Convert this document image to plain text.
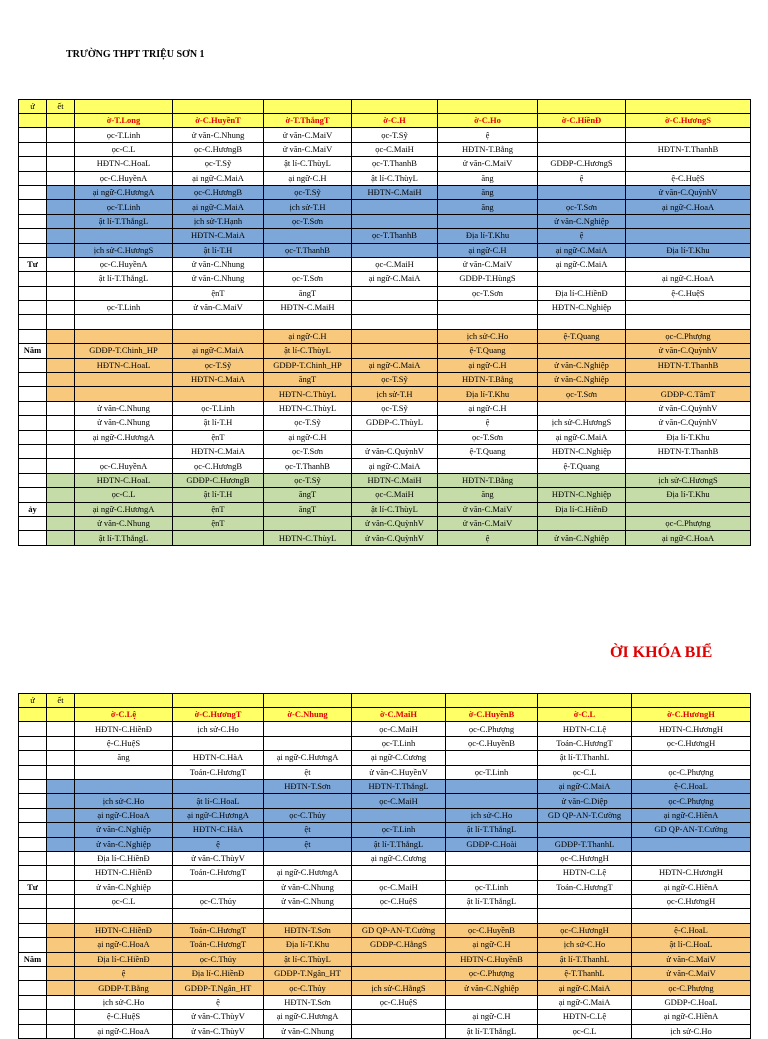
TRƯỜNG THPT TRIỆU SƠN 1
ứ	ết							
		ờ-T.Long	ờ-C.HuyềnT	ờ-T.ThắngT	ờ-C.H	ờ-C.Ho	ờ-C.HiềnĐ	ờ-C.HươngS
		ọc-T.Linh	ử văn-C.Nhung	ử văn-C.MaiV	ọc-T.Sỹ	ệ		
		ọc-C.L	ọc-C.HươngB	ử văn-C.MaiV	ọc-C.MaiH	HĐTN-T.Bằng		HĐTN-T.ThanhB
		HĐTN-C.HoaL	ọc-T.Sỹ	ật lí-C.ThùyL	ọc-T.ThanhB	ử văn-C.MaiV	GDĐP-C.HươngS	
		ọc-C.HuyềnA	ại ngữ-C.MaiA	ại ngữ-C.H	ật lí-C.ThùyL	ăng	ệ	ệ-C.HuệS
		ại ngữ-C.HươngA	ọc-C.HươngB	ọc-T.Sỹ	HĐTN-C.MaiH	ăng		ử văn-C.QuỳnhV
		ọc-T.Linh	ại ngữ-C.MaiA	ịch sử-T.H		ăng	ọc-T.Sơn	ại ngữ-C.HoaA
		ật lí-T.ThắngL	ịch sử-T.Hạnh	ọc-T.Sơn			ử văn-C.Nghiệp	
			HĐTN-C.MaiA		ọc-T.ThanhB	Địa lí-T.Khu	ệ	
		ịch sử-C.HươngS	ật lí-T.H	ọc-T.ThanhB		ại ngữ-C.H	ại ngữ-C.MaiA	Địa lí-T.Khu
Tư		ọc-C.HuyềnA	ử văn-C.Nhung		ọc-C.MaiH	ử văn-C.MaiV	ại ngữ-C.MaiA	
		ật lí-T.ThắngL	ử văn-C.Nhung	ọc-T.Sơn	ại ngữ-C.MaiA	GDĐP-T.HùngS		ại ngữ-C.HoaA
			ệnT	ăngT		ọc-T.Sơn	Địa lí-C.HiềnĐ	ệ-C.HuệS
		ọc-T.Linh	ử văn-C.MaiV	HĐTN-C.MaiH			HĐTN-C.Nghiệp	

				ại ngữ-C.H		ịch sử-C.Ho	ệ-T.Quang	ọc-C.Phượng
Năm		GDĐP-T.Chinh_HP	ại ngữ-C.MaiA	ật lí-C.ThùyL		ệ-T.Quang		ử văn-C.QuỳnhV
		HĐTN-C.HoaL	ọc-T.Sỹ	GDĐP-T.Chinh_HP	ại ngữ-C.MaiA	ại ngữ-C.H	ử văn-C.Nghiệp	HĐTN-T.ThanhB
			HĐTN-C.MaiA	ăngT	ọc-T.Sỹ	HĐTN-T.Bằng	ử văn-C.Nghiệp	
				HĐTN-C.ThùyL	ịch sử-T.H	Địa lí-T.Khu	ọc-T.Sơn	GDĐP-C.TâmT
		ử văn-C.Nhung	ọc-T.Linh	HĐTN-C.ThùyL	ọc-T.Sỹ	ại ngữ-C.H		ử văn-C.QuỳnhV
		ử văn-C.Nhung	ật lí-T.H	ọc-T.Sỹ	GDĐP-C.ThùyL	ệ	ịch sử-C.HươngS	ử văn-C.QuỳnhV
		ại ngữ-C.HươngA	ệnT	ại ngữ-C.H		ọc-T.Sơn	ại ngữ-C.MaiA	Địa lí-T.Khu
			HĐTN-C.MaiA	ọc-T.Sơn	ử văn-C.QuỳnhV	ệ-T.Quang	HĐTN-C.Nghiệp	HĐTN-T.ThanhB
		ọc-C.HuyềnA	ọc-C.HươngB	ọc-T.ThanhB	ại ngữ-C.MaiA		ệ-T.Quang	
		HĐTN-C.HoaL	GDĐP-C.HươngB	ọc-T.Sỹ	HĐTN-C.MaiH	HĐTN-T.Bằng		ịch sử-C.HươngS
		ọc-C.L	ật lí-T.H	ăngT	ọc-C.MaiH	ăng	HĐTN-C.Nghiệp	Địa lí-T.Khu
ảy		ại ngữ-C.HươngA	ệnT	ăngT	ật lí-C.ThùyL	ử văn-C.MaiV	Địa lí-C.HiềnĐ	
		ử văn-C.Nhung	ệnT		ử văn-C.QuỳnhV	ử văn-C.MaiV		ọc-C.Phượng
		ật lí-T.ThắngL		HĐTN-C.ThùyL	ử văn-C.QuỳnhV	ệ	ử văn-C.Nghiệp	ại ngữ-C.HoaA
ỜI KHÓA BIỂ
ứ	ết							
		ờ-C.Lệ	ờ-C.HươngT	ờ-C.Nhung	ờ-C.MaiH	ờ-C.HuyềnB	ờ-C.L	ờ-C.HươngH
		HĐTN-C.HiềnĐ	ịch sử-C.Ho		ọc-C.MaiH	ọc-C.Phượng	HĐTN-C.Lệ	HĐTN-C.HươngH
		ệ-C.HuệS			ọc-T.Linh	ọc-C.HuyềnB	Toán-C.HươngT	ọc-C.HươngH
		ăng	HĐTN-C.HàA	ại ngữ-C.HươngA	ại ngữ-C.Cương		ật lí-T.ThanhL	
			Toán-C.HươngT	ệt	ử văn-C.HuyềnV	ọc-T.Linh	ọc-C.L	ọc-C.Phượng
				HĐTN-T.Sơn	HĐTN-T.ThắngL		ại ngữ-C.MaiA	ệ-C.HoaL
		ịch sử-C.Ho	ật lí-C.HoaL		ọc-C.MaiH		ử văn-C.Diệp	ọc-C.Phượng
		ại ngữ-C.HoaA	ại ngữ-C.HươngA	ọc-C.Thủy		ịch sử-C.Ho	GD QP-AN-T.Cường	ại ngữ-C.HiềnA
		ử văn-C.Nghiệp	HĐTN-C.HàA	ệt	ọc-T.Linh	ật lí-T.ThắngL		GD QP-AN-T.Cường
		ử văn-C.Nghiệp	ệ	ệt	ật lí-T.ThắngL	GDĐP-C.Hoài	GDĐP-T.ThanhL	
		Địa lí-C.HiềnĐ	ử văn-C.ThùyV		ại ngữ-C.Cương		ọc-C.HươngH	
		HĐTN-C.HiềnĐ	Toán-C.HươngT	ại ngữ-C.HươngA			HĐTN-C.Lệ	HĐTN-C.HươngH
Tư		ử văn-C.Nghiệp		ử văn-C.Nhung	ọc-C.MaiH	ọc-T.Linh	Toán-C.HươngT	ại ngữ-C.HiềnA
		ọc-C.L	ọc-C.Thủy	ử văn-C.Nhung	ọc-C.HuệS	ật lí-T.ThắngL		ọc-C.HươngH

		HĐTN-C.HiềnĐ	Toán-C.HươngT	HĐTN-T.Sơn	GD QP-AN-T.Cường	ọc-C.HuyềnB	ọc-C.HươngH	ệ-C.HoaL
		ại ngữ-C.HoaA	Toán-C.HươngT	Địa lí-T.Khu	GDĐP-C.HằngS	ại ngữ-C.H	ịch sử-C.Ho	ật lí-C.HoaL
Năm		Địa lí-C.HiềnĐ	ọc-C.Thủy	ật lí-C.ThùyL		HĐTN-C.HuyềnB	ật lí-T.ThanhL	ử văn-C.MaiV
		ệ	Địa lí-C.HiềnĐ	GDĐP-T.Ngân_HT		ọc-C.Phượng	ệ-T.ThanhL	ử văn-C.MaiV
		GDĐP-T.Bằng	GDĐP-T.Ngân_HT	ọc-C.Thủy	ịch sử-C.HằngS	ử văn-C.Nghiệp	ại ngữ-C.MaiA	ọc-C.Phượng
		ịch sử-C.Ho	ệ	HĐTN-T.Sơn	ọc-C.HuệS		ại ngữ-C.MaiA	GDĐP-C.HoaL
		ệ-C.HuệS	ử văn-C.ThùyV	ại ngữ-C.HươngA		ại ngữ-C.H	HĐTN-C.Lệ	ại ngữ-C.HiềnA
		ại ngữ-C.HoaA	ử văn-C.ThùyV	ử văn-C.Nhung		ật lí-T.ThắngL	ọc-C.L	ịch sử-C.Ho
